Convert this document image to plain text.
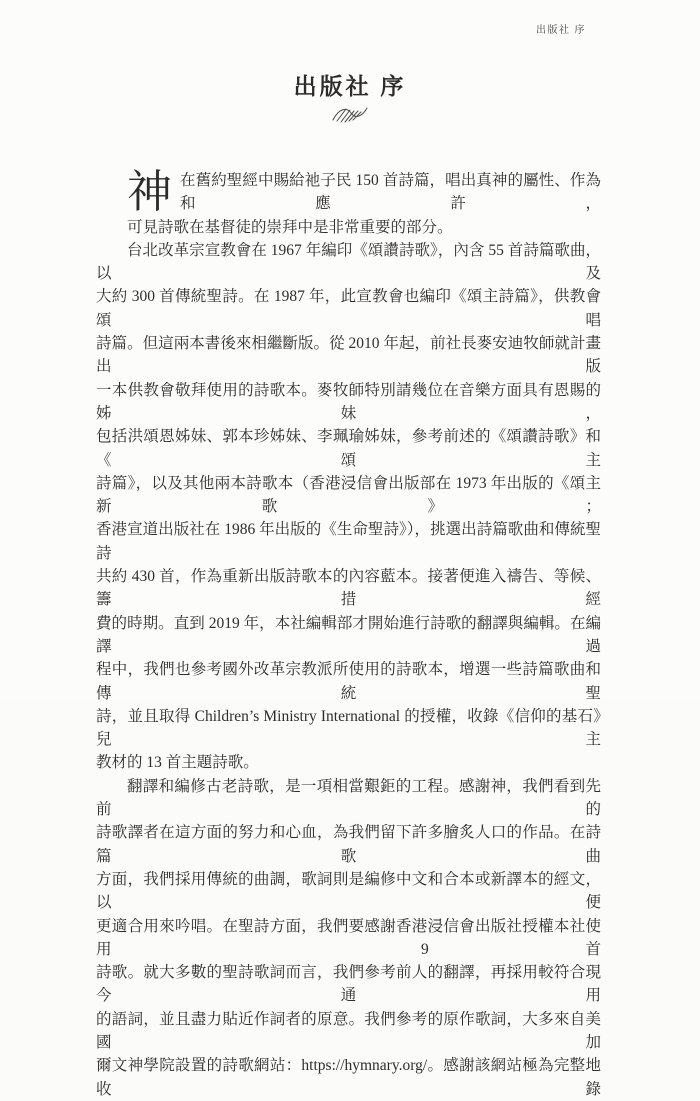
出版社 序
出版社 序
神 在舊約聖經中賜給祂子民 150 首詩篇，唱出真神的屬性、作為和應許，
可見詩歌在基督徒的崇拜中是非常重要的部分。
台北改革宗宣教會在 1967 年編印《頌讚詩歌》，內含 55 首詩篇歌曲，以及
大約 300 首傳統聖詩。在 1987 年，此宣教會也編印《頌主詩篇》，供教會頌唱
詩篇。但這兩本書後來相繼斷版。從 2010 年起，前社長麥安迪牧師就計畫出版
一本供教會敬拜使用的詩歌本。麥牧師特別請幾位在音樂方面具有恩賜的姊妹，
包括洪頌恩姊妹、郭本珍姊妹、李珮瑜姊妹，參考前述的《頌讚詩歌》和《頌主
詩篇》，以及其他兩本詩歌本（香港浸信會出版部在 1973 年出版的《頌主新歌》；
香港宣道出版社在 1986 年出版的《生命聖詩》），挑選出詩篇歌曲和傳統聖詩
共約 430 首，作為重新出版詩歌本的內容藍本。接著便進入禱告、等候、籌措經
費的時期。直到 2019 年，本社編輯部才開始進行詩歌的翻譯與編輯。在編譯過
程中，我們也參考國外改革宗教派所使用的詩歌本，增選一些詩篇歌曲和傳統聖
詩，並且取得 Children’s Ministry International 的授權，收錄《信仰的基石》兒主
教材的 13 首主題詩歌。
翻譯和編修古老詩歌，是一項相當艱鉅的工程。感謝神，我們看到先前的
詩歌譯者在這方面的努力和心血，為我們留下許多膾炙人口的作品。在詩篇歌曲
方面，我們採用傳統的曲調，歌詞則是編修中文和合本或新譯本的經文，以便
更適合用來吟唱。在聖詩方面，我們要感謝香港浸信會出版社授權本社使用 9 首
詩歌。就大多數的聖詩歌詞而言，我們參考前人的翻譯，再採用較符合現今通用
的語詞，並且盡力貼近作詞者的原意。我們參考的原作歌詞，大多來自美國加
爾文神學院設置的詩歌網站：https://hymnary.org/。感謝該網站極為完整地收錄
